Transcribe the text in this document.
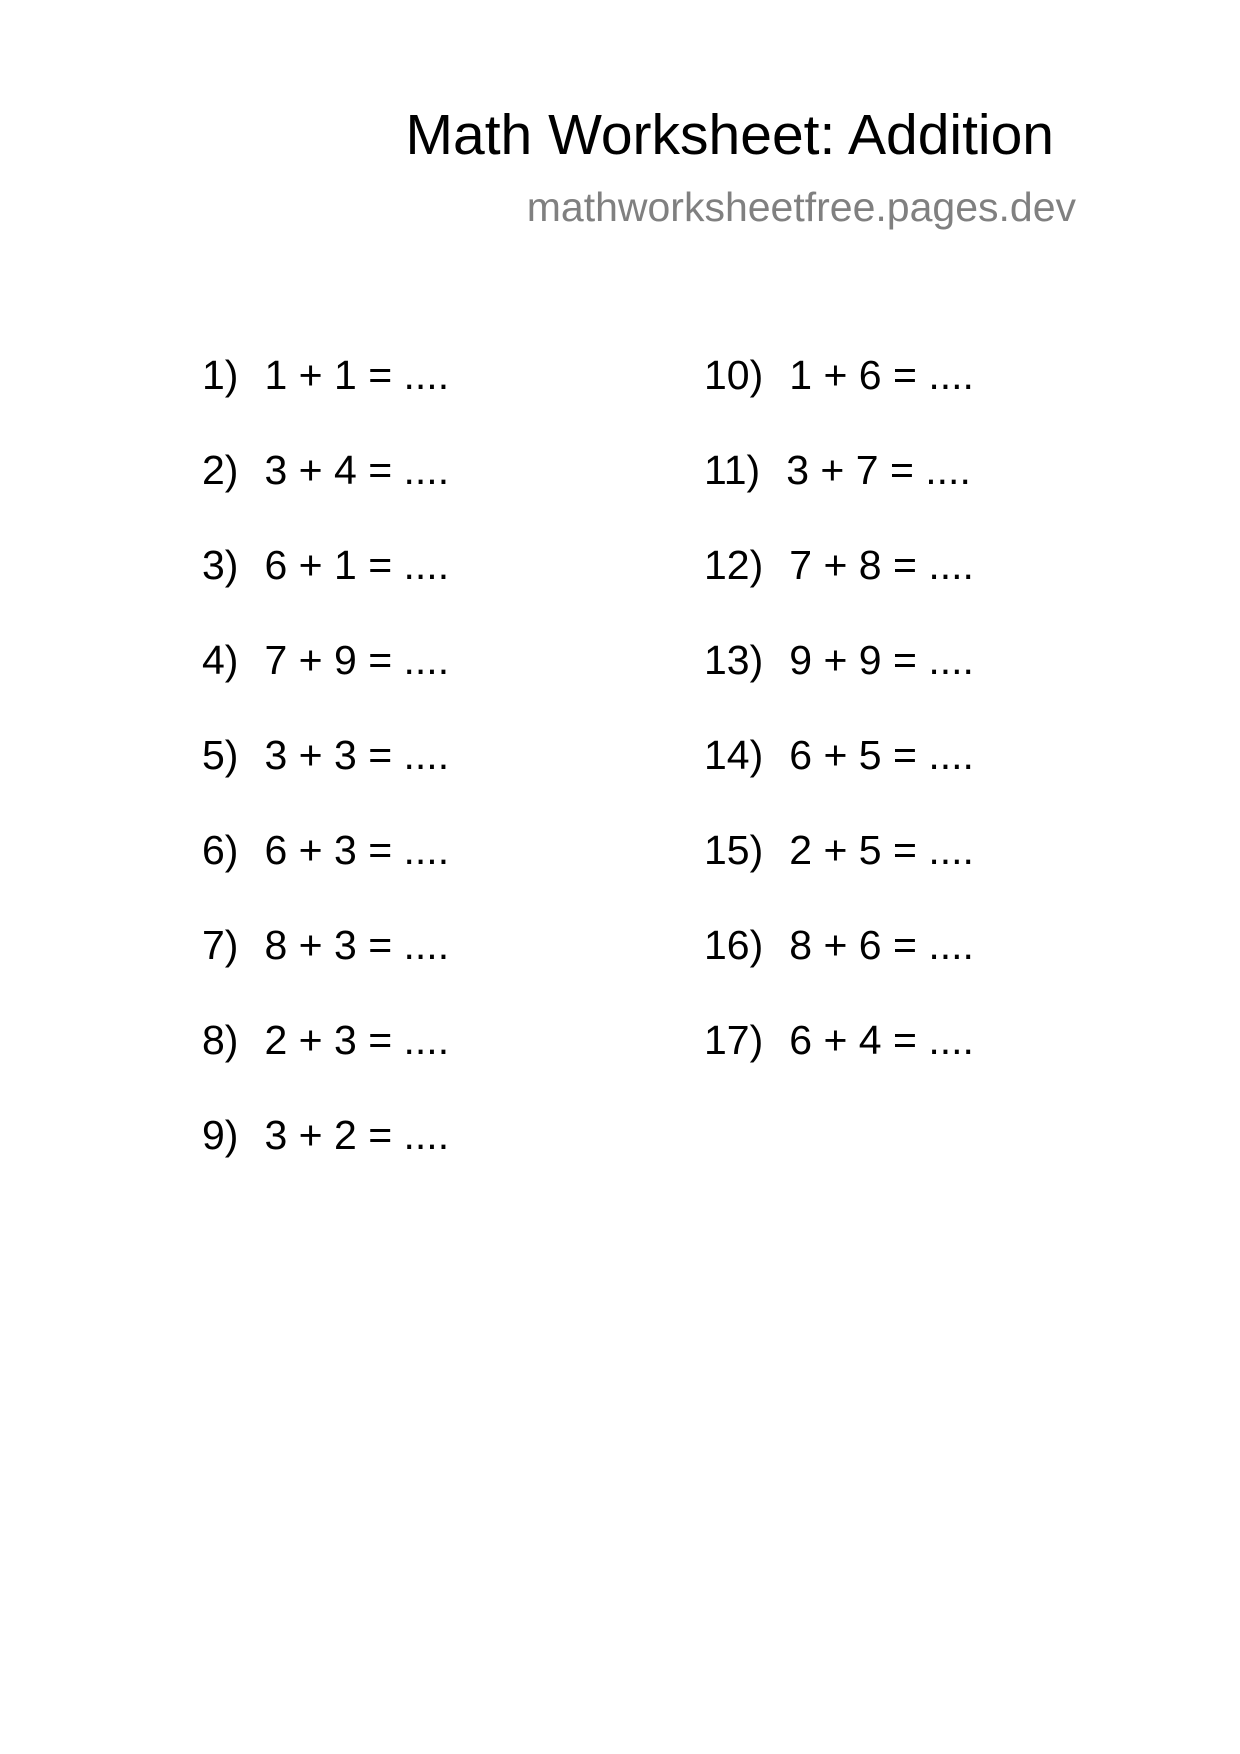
Math Worksheet: Addition
mathworksheetfree.pages.dev
1) 1 + 1 = ....
2) 3 + 4 = ....
3) 6 + 1 = ....
4) 7 + 9 = ....
5) 3 + 3 = ....
6) 6 + 3 = ....
7) 8 + 3 = ....
8) 2 + 3 = ....
9) 3 + 2 = ....
10) 1 + 6 = ....
11) 3 + 7 = ....
12) 7 + 8 = ....
13) 9 + 9 = ....
14) 6 + 5 = ....
15) 2 + 5 = ....
16) 8 + 6 = ....
17) 6 + 4 = ....
